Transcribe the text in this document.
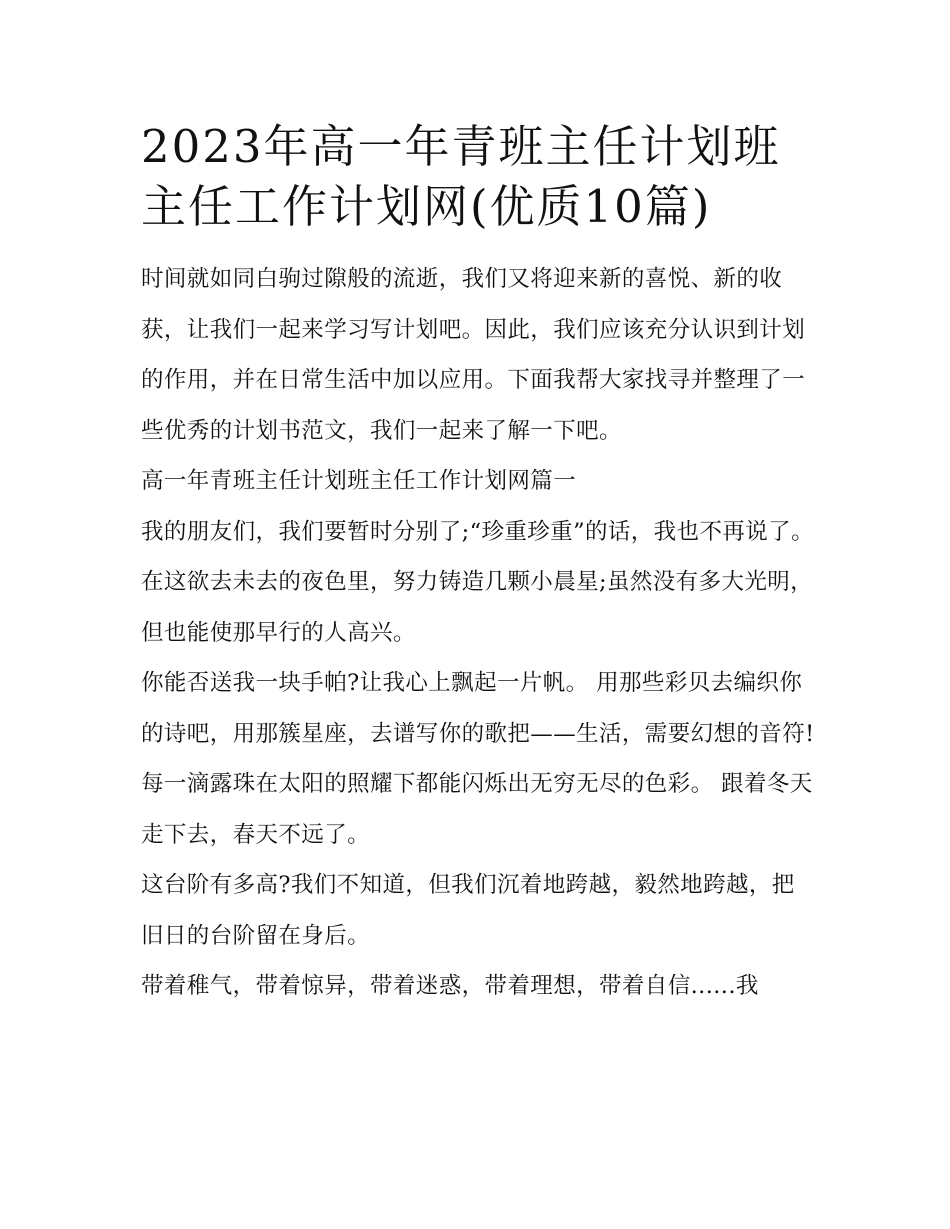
2023年高一年青班主任计划班主任工作计划网(优质10篇)

时间就如同白驹过隙般的流逝，我们又将迎来新的喜悦、新的收获，让我们一起来学习写计划吧。因此，我们应该充分认识到计划的作用，并在日常生活中加以应用。下面我帮大家找寻并整理了一些优秀的计划书范文，我们一起来了解一下吧。

高一年青班主任计划班主任工作计划网篇一

我的朋友们，我们要暂时分别了;“珍重珍重”的话，我也不再说了。在这欲去未去的夜色里，努力铸造几颗小晨星;虽然没有多大光明，但也能使那早行的人高兴。

你能否送我一块手帕?让我心上飘起一片帆。 用那些彩贝去编织你的诗吧，用那簇星座，去谱写你的歌把——生活，需要幻想的音符!

每一滴露珠在太阳的照耀下都能闪烁出无穷无尽的色彩。 跟着冬天走下去，春天不远了。

这台阶有多高?我们不知道，但我们沉着地跨越，毅然地跨越，把旧日的台阶留在身后。

带着稚气，带着惊异，带着迷惑，带着理想，带着自信......我
